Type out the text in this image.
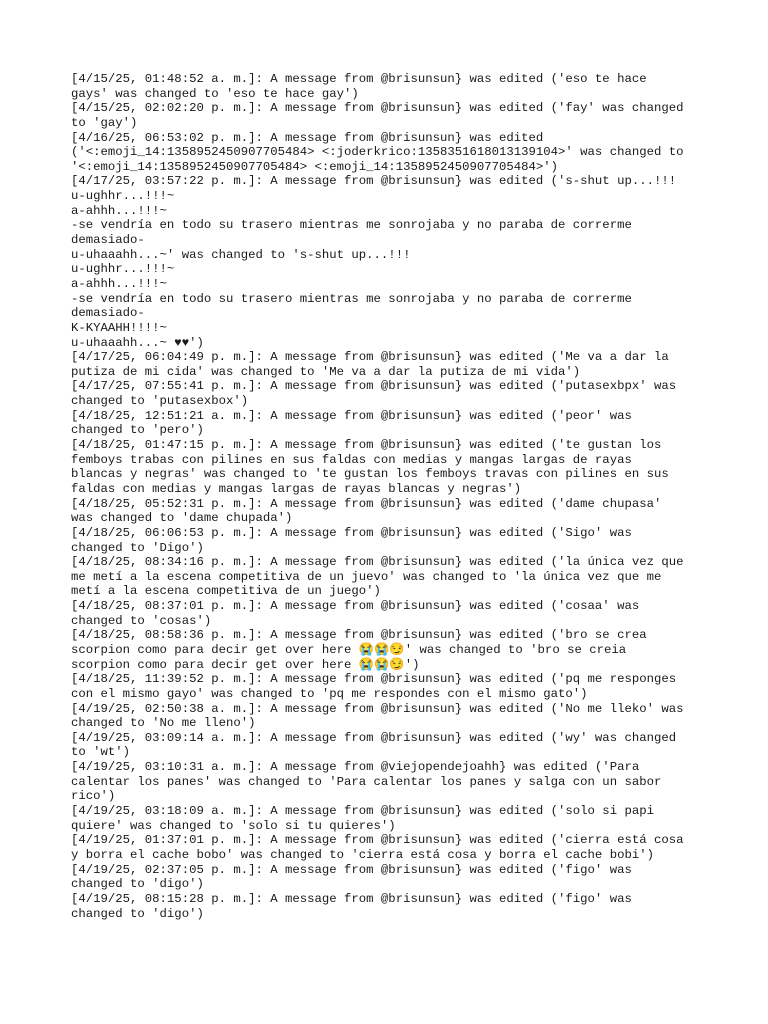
[4/15/25, 01:48:52 a. m.]: A message from @brisunsun} was edited ('eso te hace
gays' was changed to 'eso te hace gay')
[4/15/25, 02:02:20 p. m.]: A message from @brisunsun} was edited ('fay' was changed
to 'gay')
[4/16/25, 06:53:02 p. m.]: A message from @brisunsun} was edited
('<:emoji_14:1358952450907705484> <:joderkrico:1358351618013139104>' was changed to
'<:emoji_14:1358952450907705484> <:emoji_14:1358952450907705484>')
[4/17/25, 03:57:22 p. m.]: A message from @brisunsun} was edited ('s-shut up...!!!
u-ughhr...!!!~
a-ahhh...!!!~
-se vendría en todo su trasero mientras me sonrojaba y no paraba de correrme
demasiado-
u-uhaaahh...~' was changed to 's-shut up...!!!
u-ughhr...!!!~
a-ahhh...!!!~
-se vendría en todo su trasero mientras me sonrojaba y no paraba de correrme
demasiado-
K-KYAAHH!!!!~
u-uhaaahh...~ ♥♥')
[4/17/25, 06:04:49 p. m.]: A message from @brisunsun} was edited ('Me va a dar la
putiza de mi cida' was changed to 'Me va a dar la putiza de mi vida')
[4/17/25, 07:55:41 p. m.]: A message from @brisunsun} was edited ('putasexbpx' was
changed to 'putasexbox')
[4/18/25, 12:51:21 a. m.]: A message from @brisunsun} was edited ('peor' was
changed to 'pero')
[4/18/25, 01:47:15 p. m.]: A message from @brisunsun} was edited ('te gustan los
femboys trabas con pilines en sus faldas con medias y mangas largas de rayas
blancas y negras' was changed to 'te gustan los femboys travas con pilines en sus
faldas con medias y mangas largas de rayas blancas y negras')
[4/18/25, 05:52:31 p. m.]: A message from @brisunsun} was edited ('dame chupasa'
was changed to 'dame chupada')
[4/18/25, 06:06:53 p. m.]: A message from @brisunsun} was edited ('Sigo' was
changed to 'Digo')
[4/18/25, 08:34:16 p. m.]: A message from @brisunsun} was edited ('la única vez que
me metí a la escena competitiva de un juevo' was changed to 'la única vez que me
metí a la escena competitiva de un juego')
[4/18/25, 08:37:01 p. m.]: A message from @brisunsun} was edited ('cosaa' was
changed to 'cosas')
[4/18/25, 08:58:36 p. m.]: A message from @brisunsun} was edited ('bro se crea
scorpion como para decir get over here 😭😭😏' was changed to 'bro se creia
scorpion como para decir get over here 😭😭😏')
[4/18/25, 11:39:52 p. m.]: A message from @brisunsun} was edited ('pq me responges
con el mismo gayo' was changed to 'pq me respondes con el mismo gato')
[4/19/25, 02:50:38 a. m.]: A message from @brisunsun} was edited ('No me lleko' was
changed to 'No me lleno')
[4/19/25, 03:09:14 a. m.]: A message from @brisunsun} was edited ('wy' was changed
to 'wt')
[4/19/25, 03:10:31 a. m.]: A message from @viejopendejoahh} was edited ('Para
calentar los panes' was changed to 'Para calentar los panes y salga con un sabor
rico')
[4/19/25, 03:18:09 a. m.]: A message from @brisunsun} was edited ('solo si papi
quiere' was changed to 'solo si tu quieres')
[4/19/25, 01:37:01 p. m.]: A message from @brisunsun} was edited ('cierra está cosa
y borra el cache bobo' was changed to 'cierra está cosa y borra el cache bobi')
[4/19/25, 02:37:05 p. m.]: A message from @brisunsun} was edited ('figo' was
changed to 'digo')
[4/19/25, 08:15:28 p. m.]: A message from @brisunsun} was edited ('figo' was
changed to 'digo')
